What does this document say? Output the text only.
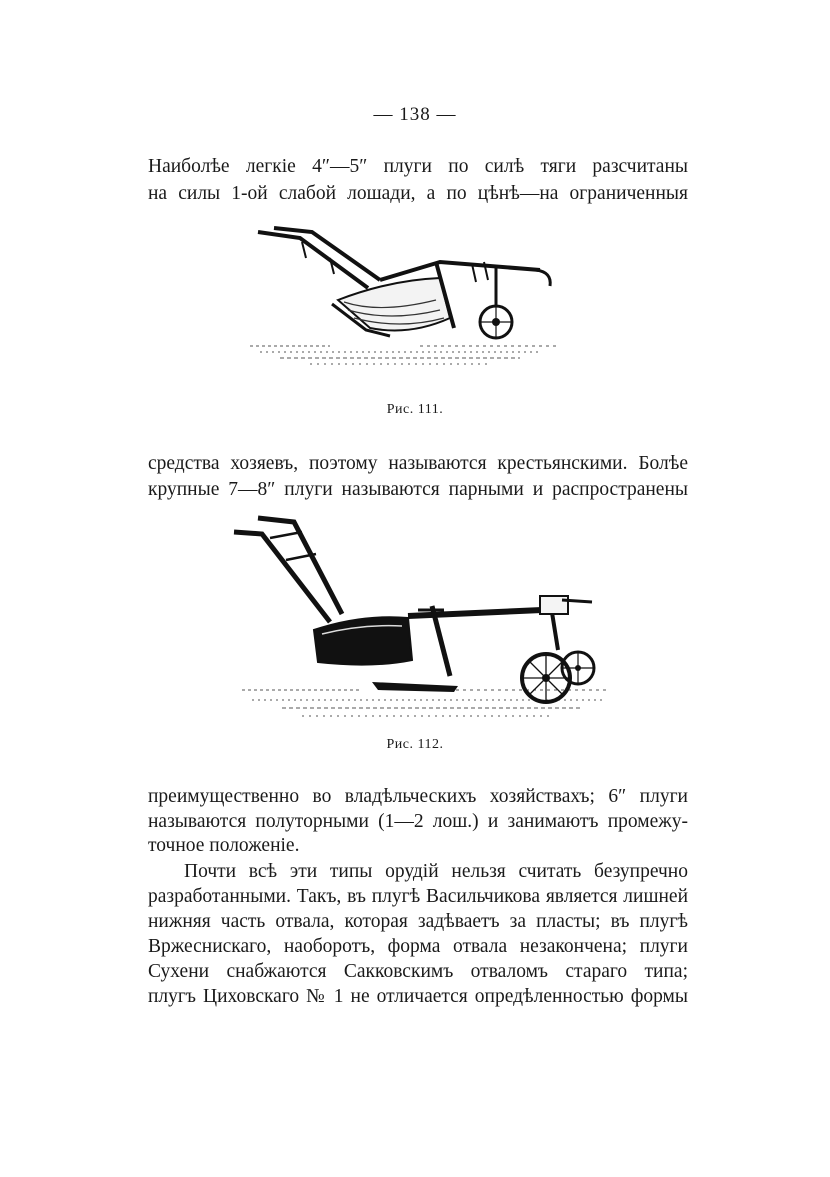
— 138 —
Наиболѣе легкіе 4″—5″ плуги по силѣ тяги разсчитаны
на силы 1-ой слабой лошади, а по цѣнѣ—на ограниченныя
Рис. 111.
средства хозяевъ, поэтому называются крестьянскими. Болѣе
крупные 7—8″ плуги называются парными и распространены
Рис. 112.
преимущественно во владѣльческихъ хозяйствахъ; 6″ плуги
называются полуторными (1—2 лош.) и занимаютъ промежу-
точное положеніе.
Почти всѣ эти типы орудій нельзя считать безупречно
разработанными. Такъ, въ плугѣ Васильчикова является лишней
нижняя часть отвала, которая задѣваетъ за пласты; въ плугѣ
Вржеснискаго, наоборотъ, форма отвала незакончена; плуги
Сухени снабжаются Сакковскимъ отваломъ стараго типа;
плугъ Циховскаго № 1 не отличается опредѣленностью формы
